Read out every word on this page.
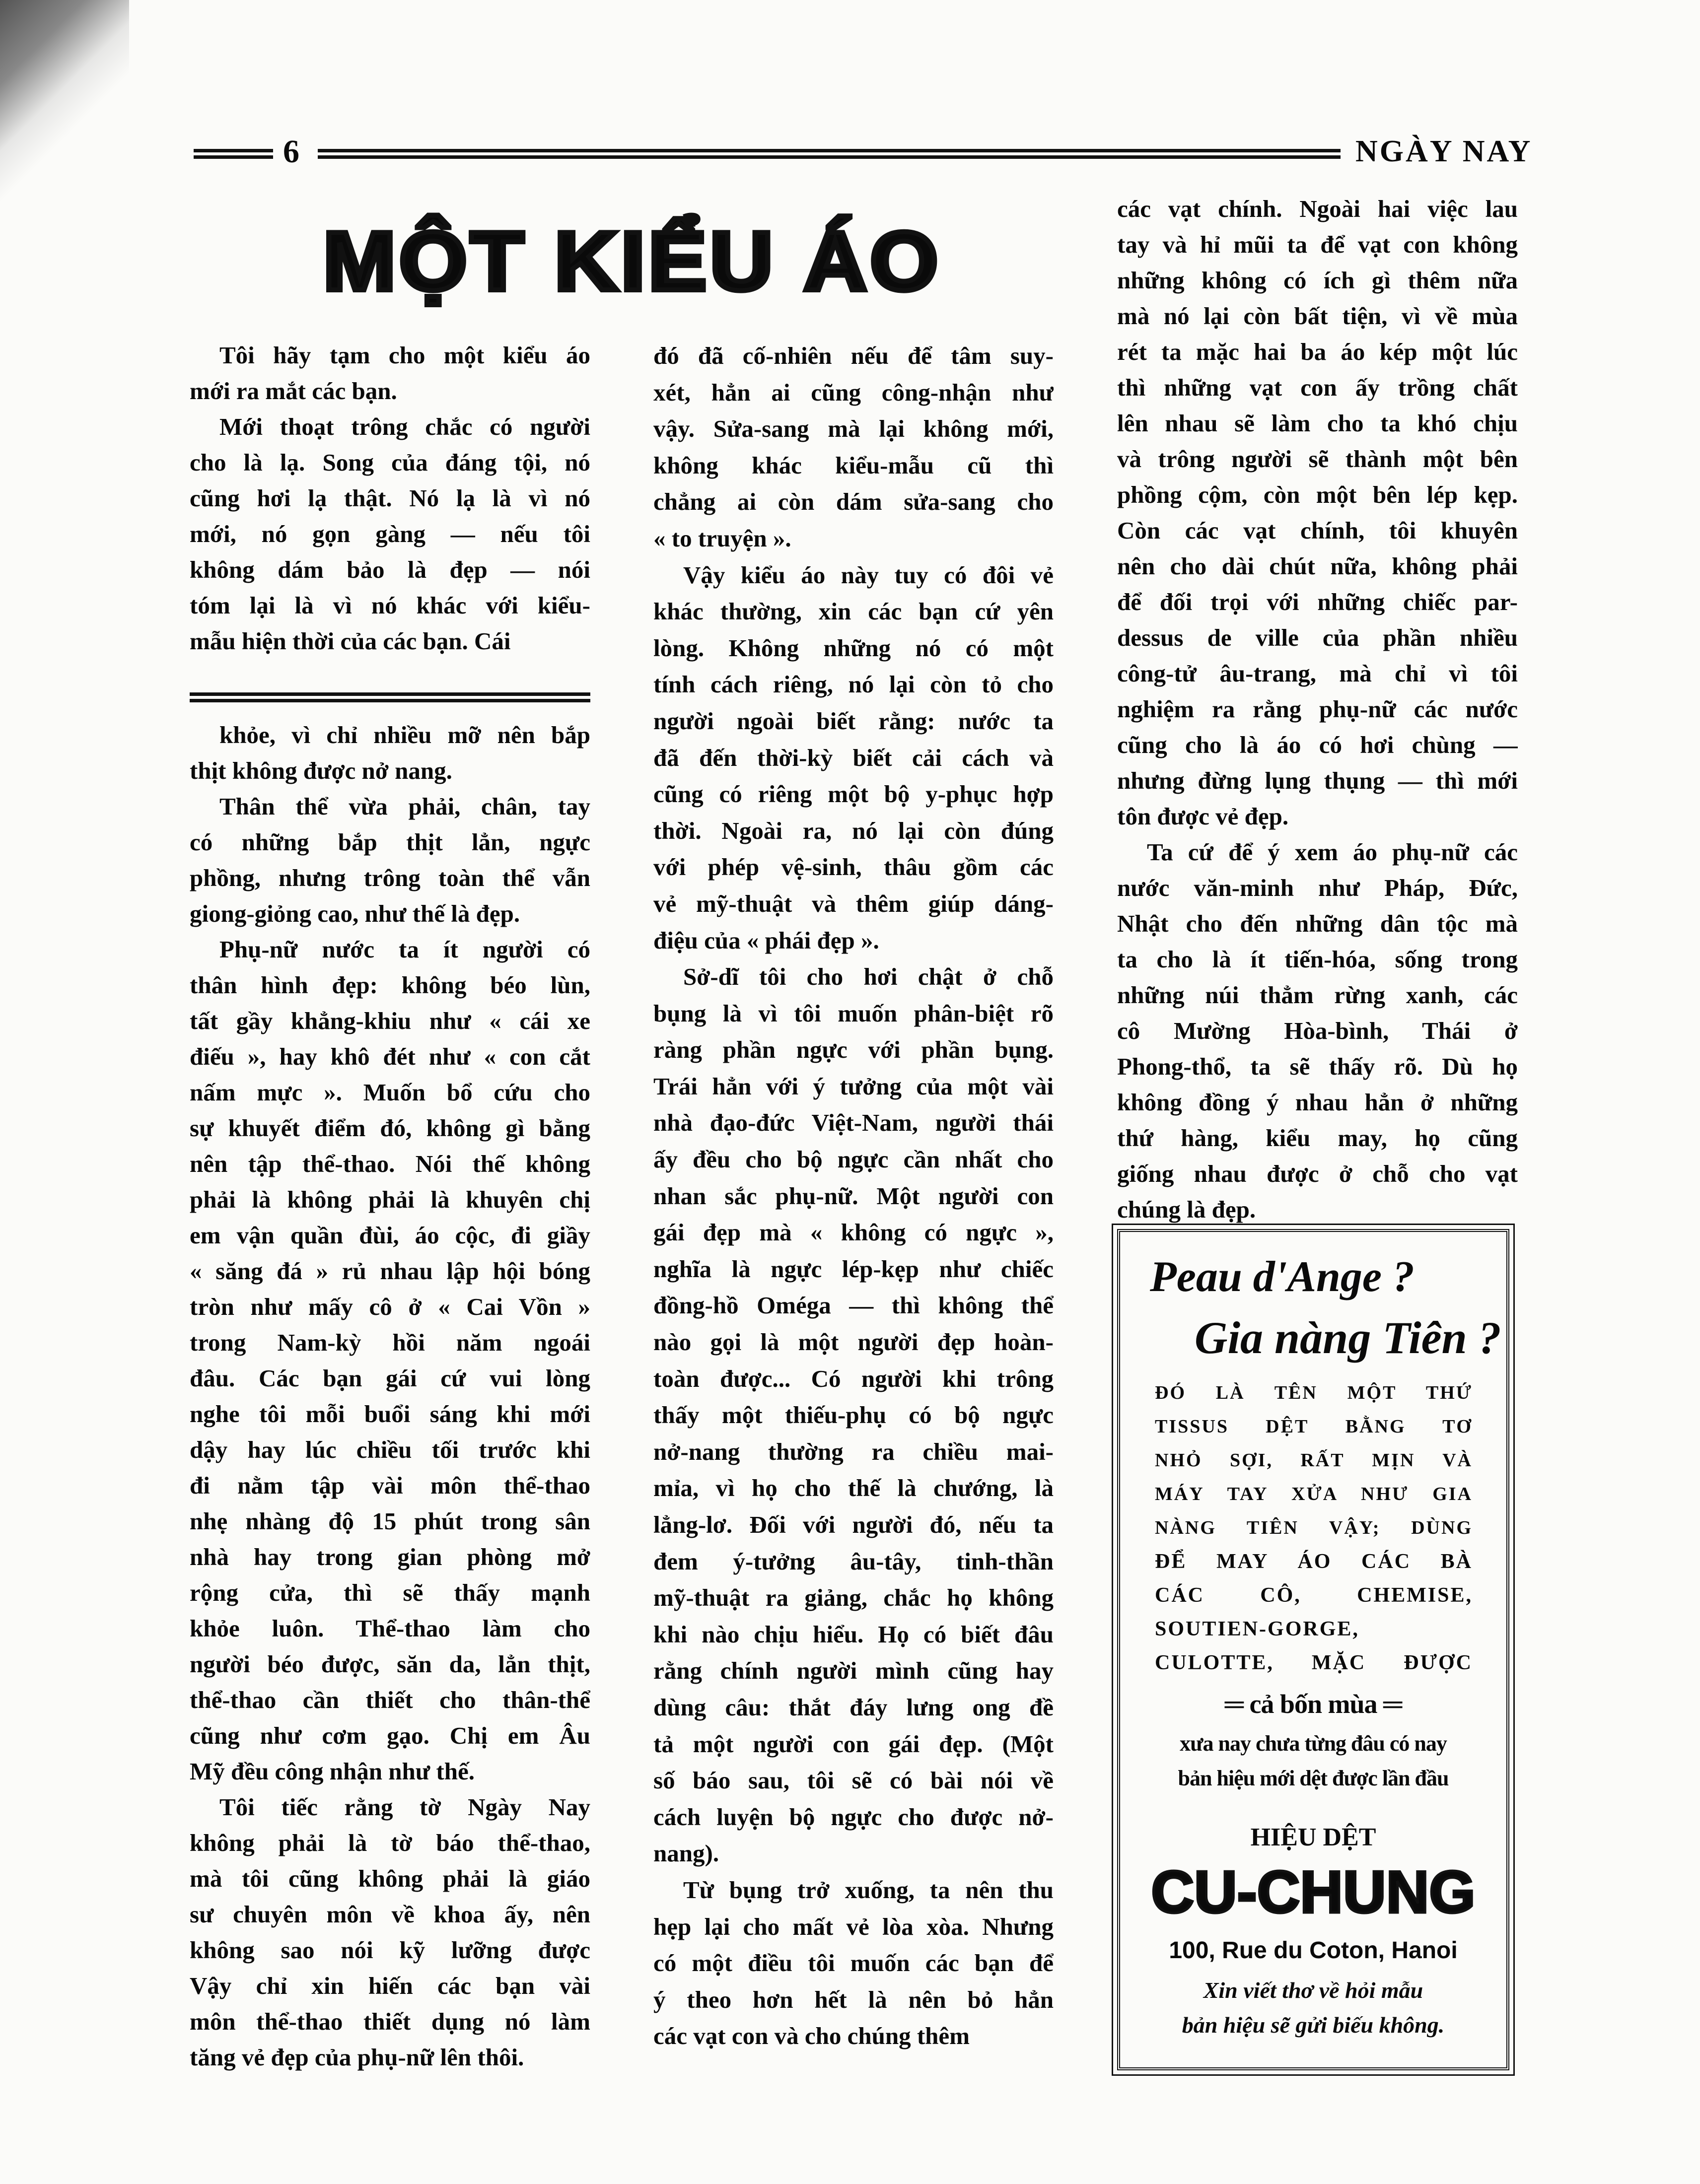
6	NGÀY NAY
MỘT KIỂU ÁO
Tôi hãy tạm cho một kiểu áo
mới ra mắt các bạn.
Mới thoạt trông chắc có người
cho là lạ. Song của đáng tội, nó
cũng hơi lạ thật. Nó lạ là vì nó
mới, nó gọn gàng — nếu tôi
không dám bảo là đẹp — nói
tóm lại là vì nó khác với kiểu-
mẫu hiện thời của các bạn. Cái
khỏe, vì chỉ nhiều mỡ nên bắp
thịt không được nở nang.
Thân thể vừa phải, chân, tay
có những bắp thịt lẳn, ngực
phồng, nhưng trông toàn thể vẫn
giong-giỏng cao, như thế là đẹp.
Phụ-nữ nước ta ít người có
thân hình đẹp: không béo lùn,
tất gầy khẳng-khiu như « cái xe
điếu », hay khô đét như « con cắt
nấm mực ». Muốn bổ cứu cho
sự khuyết điểm đó, không gì bằng
nên tập thể-thao. Nói thế không
phải là không phải là khuyên chị
em vận quần đùi, áo cộc, đi giầy
« săng đá » rủ nhau lập hội bóng
tròn như mấy cô ở « Cai Vồn »
trong Nam-kỳ hồi năm ngoái
đâu. Các bạn gái cứ vui lòng
nghe tôi mỗi buổi sáng khi mới
dậy hay lúc chiều tối trước khi
đi nằm tập vài môn thể-thao
nhẹ nhàng độ 15 phút trong sân
nhà hay trong gian phòng mở
rộng cửa, thì sẽ thấy mạnh
khỏe luôn. Thể-thao làm cho
người béo được, săn da, lẳn thịt,
thể-thao cần thiết cho thân-thể
cũng như cơm gạo. Chị em Âu
Mỹ đều công nhận như thế.
Tôi tiếc rằng tờ Ngày Nay
không phải là tờ báo thể-thao,
mà tôi cũng không phải là giáo
sư chuyên môn về khoa ấy, nên
không sao nói kỹ lưỡng được
Vậy chỉ xin hiến các bạn vài
môn thể-thao thiết dụng nó làm
tăng vẻ đẹp của phụ-nữ lên thôi.
đó đã cố-nhiên nếu để tâm suy-
xét, hẳn ai cũng công-nhận như
vậy. Sửa-sang mà lại không mới,
không khác kiểu-mẫu cũ thì
chẳng ai còn dám sửa-sang cho
« to truyện ».
Vậy kiểu áo này tuy có đôi vẻ
khác thường, xin các bạn cứ yên
lòng. Không những nó có một
tính cách riêng, nó lại còn tỏ cho
người ngoài biết rằng: nước ta
đã đến thời-kỳ biết cải cách và
cũng có riêng một bộ y-phục hợp
thời. Ngoài ra, nó lại còn đúng
với phép vệ-sinh, thâu gồm các
vẻ mỹ-thuật và thêm giúp dáng-
điệu của « phái đẹp ».
Sở-dĩ tôi cho hơi chật ở chỗ
bụng là vì tôi muốn phân-biệt rõ
ràng phần ngực với phần bụng.
Trái hẳn với ý tưởng của một vài
nhà đạo-đức Việt-Nam, người thái
ấy đều cho bộ ngực cần nhất cho
nhan sắc phụ-nữ. Một người con
gái đẹp mà « không có ngực »,
nghĩa là ngực lép-kẹp như chiếc
đồng-hồ Oméga — thì không thể
nào gọi là một người đẹp hoàn-
toàn được... Có người khi trông
thấy một thiếu-phụ có bộ ngực
nở-nang thường ra chiều mai-
mỉa, vì họ cho thế là chướng, là
lẳng-lơ. Đối với người đó, nếu ta
đem ý-tưởng âu-tây, tinh-thần
mỹ-thuật ra giảng, chắc họ không
khi nào chịu hiểu. Họ có biết đâu
rằng chính người mình cũng hay
dùng câu: thắt đáy lưng ong đề
tả một người con gái đẹp. (Một
số báo sau, tôi sẽ có bài nói về
cách luyện bộ ngực cho được nở-
nang).
Từ bụng trở xuống, ta nên thu
hẹp lại cho mất vẻ lòa xòa. Nhưng
có một điều tôi muốn các bạn để
ý theo hơn hết là nên bỏ hẳn
các vạt con và cho chúng thêm
các vạt chính. Ngoài hai việc lau
tay và hỉ mũi ta để vạt con không
những không có ích gì thêm nữa
mà nó lại còn bất tiện, vì về mùa
rét ta mặc hai ba áo kép một lúc
thì những vạt con ấy trồng chất
lên nhau sẽ làm cho ta khó chịu
và trông người sẽ thành một bên
phồng cộm, còn một bên lép kẹp.
Còn các vạt chính, tôi khuyên
nên cho dài chút nữa, không phải
để đối trọi với những chiếc par-
dessus de ville của phần nhiều
công-tử âu-trang, mà chỉ vì tôi
nghiệm ra rằng phụ-nữ các nước
cũng cho là áo có hơi chùng —
nhưng đừng lụng thụng — thì mới
tôn được vẻ đẹp.
Ta cứ để ý xem áo phụ-nữ các
nước văn-minh như Pháp, Đức,
Nhật cho đến những dân tộc mà
ta cho là ít tiến-hóa, sống trong
những núi thẳm rừng xanh, các
cô Mường Hòa-bình, Thái ở
Phong-thổ, ta sẽ thấy rõ. Dù họ
không đồng ý nhau hẳn ở những
thứ hàng, kiểu may, họ cũng
giống nhau được ở chỗ cho vạt
chúng là đẹp.
Peau d'Ange ?
Gia nàng Tiên ?
═ cả bốn mùa ═
xưa nay chưa từng đâu có nay
bản hiệu mới dệt được lần đầu
HIỆU DỆT
CU-CHUNG
100, Rue du Coton, Hanoi
Xin viết thơ về hỏi mẫu
bản hiệu sẽ gửi biếu không.
ĐÓ LÀ TÊN MỘT THỨ
TISSUS DỆT BẰNG TƠ
NHỎ SỢI, RẤT MỊN VÀ
MÁY TAY XỬA NHƯ GIA
NÀNG TIÊN VẬY; DÙNG
ĐỂ MAY ÁO CÁC BÀ
CÁC CÔ, CHEMISE,
SOUTIEN-GORGE,
CULOTTE, MẶC ĐƯỢC
